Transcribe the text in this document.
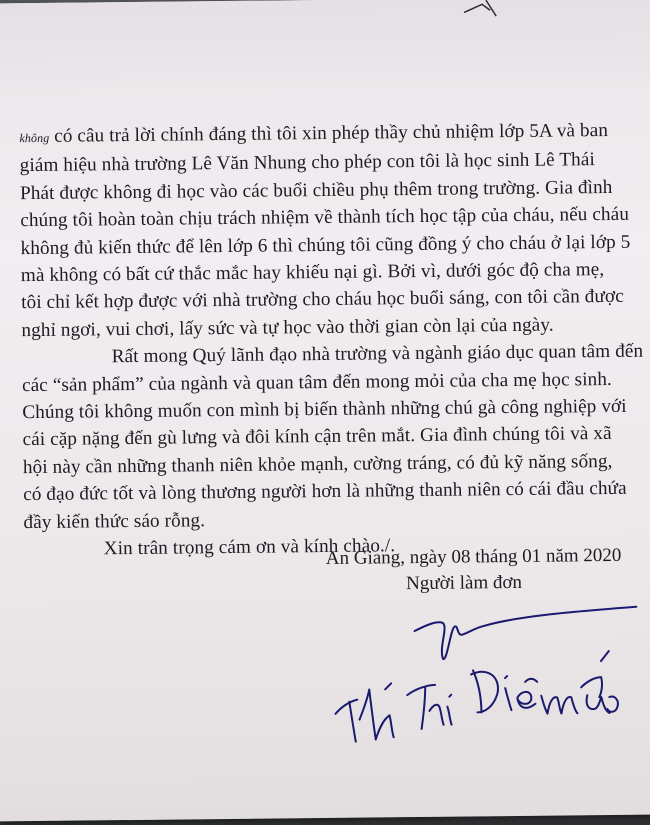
không có câu trả lời chính đáng thì tôi xin phép thầy chủ nhiệm lớp 5A và ban
giám hiệu nhà trường Lê Văn Nhung cho phép con tôi là học sinh Lê Thái
Phát được không đi học vào các buổi chiều phụ thêm trong trường. Gia đình
chúng tôi hoàn toàn chịu trách nhiệm về thành tích học tập của cháu, nếu cháu
không đủ kiến thức để lên lớp 6 thì chúng tôi cũng đồng ý cho cháu ở lại lớp 5
mà không có bất cứ thắc mắc hay khiếu nại gì. Bởi vì, dưới góc độ cha mẹ,
tôi chỉ kết hợp được với nhà trường cho cháu học buổi sáng, con tôi cần được
nghỉ ngơi, vui chơi, lấy sức và tự học vào thời gian còn lại của ngày.
Rất mong Quý lãnh đạo nhà trường và ngành giáo dục quan tâm đến
các “sản phẩm” của ngành và quan tâm đến mong mỏi của cha mẹ học sinh.
Chúng tôi không muốn con mình bị biến thành những chú gà công nghiệp với
cái cặp nặng đến gù lưng và đôi kính cận trên mắt. Gia đình chúng tôi và xã
hội này cần những thanh niên khỏe mạnh, cường tráng, có đủ kỹ năng sống,
có đạo đức tốt và lòng thương người hơn là những thanh niên có cái đầu chứa
đầy kiến thức sáo rỗng.
Xin trân trọng cám ơn và kính chào./.
An Giang, ngày 08 tháng 01 năm 2020
Người làm đơn
